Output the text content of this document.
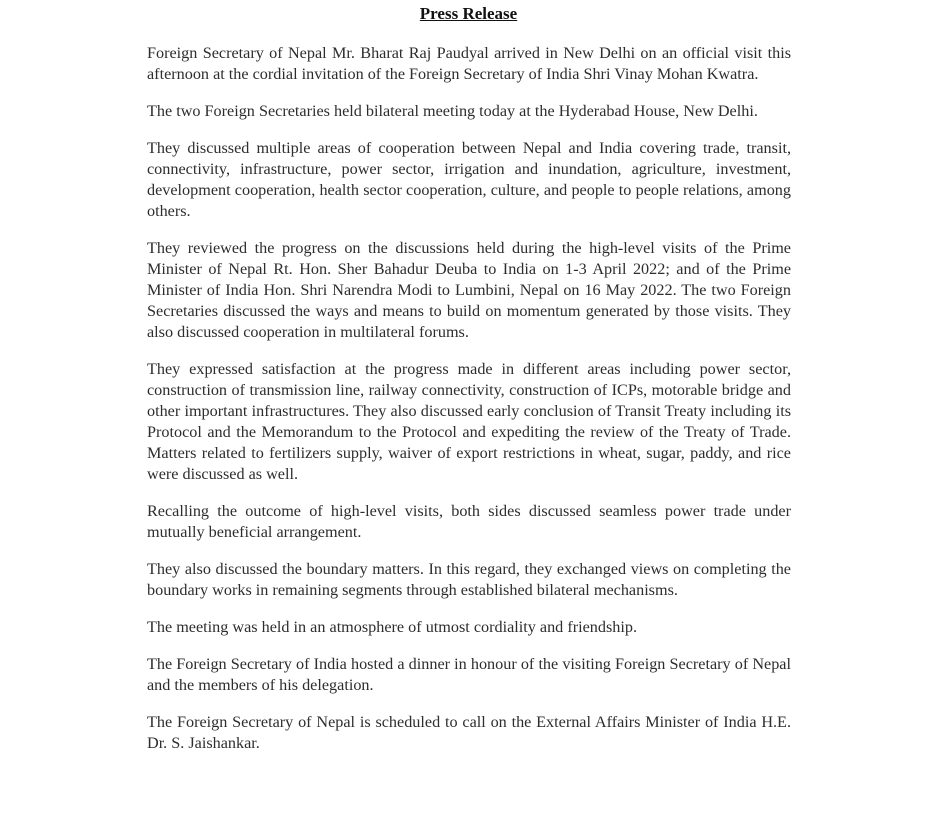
Press Release

Foreign Secretary of Nepal Mr. Bharat Raj Paudyal arrived in New Delhi on an official visit this afternoon at the cordial invitation of the Foreign Secretary of India Shri Vinay Mohan Kwatra.

The two Foreign Secretaries held bilateral meeting today at the Hyderabad House, New Delhi.

They discussed multiple areas of cooperation between Nepal and India covering trade, transit, connectivity, infrastructure, power sector, irrigation and inundation, agriculture, investment, development cooperation, health sector cooperation, culture, and people to people relations, among others.

They reviewed the progress on the discussions held during the high-level visits of the Prime Minister of Nepal Rt. Hon. Sher Bahadur Deuba to India on 1-3 April 2022; and of the Prime Minister of India Hon. Shri Narendra Modi to Lumbini, Nepal on 16 May 2022. The two Foreign Secretaries discussed the ways and means to build on momentum generated by those visits. They also discussed cooperation in multilateral forums.

They expressed satisfaction at the progress made in different areas including power sector, construction of transmission line, railway connectivity, construction of ICPs, motorable bridge and other important infrastructures. They also discussed early conclusion of Transit Treaty including its Protocol and the Memorandum to the Protocol and expediting the review of the Treaty of Trade. Matters related to fertilizers supply, waiver of export restrictions in wheat, sugar, paddy, and rice were discussed as well.

Recalling the outcome of high-level visits, both sides discussed seamless power trade under mutually beneficial arrangement.

They also discussed the boundary matters. In this regard, they exchanged views on completing the boundary works in remaining segments through established bilateral mechanisms.

The meeting was held in an atmosphere of utmost cordiality and friendship.

The Foreign Secretary of India hosted a dinner in honour of the visiting Foreign Secretary of Nepal and the members of his delegation.

The Foreign Secretary of Nepal is scheduled to call on the External Affairs Minister of India H.E. Dr. S. Jaishankar.
